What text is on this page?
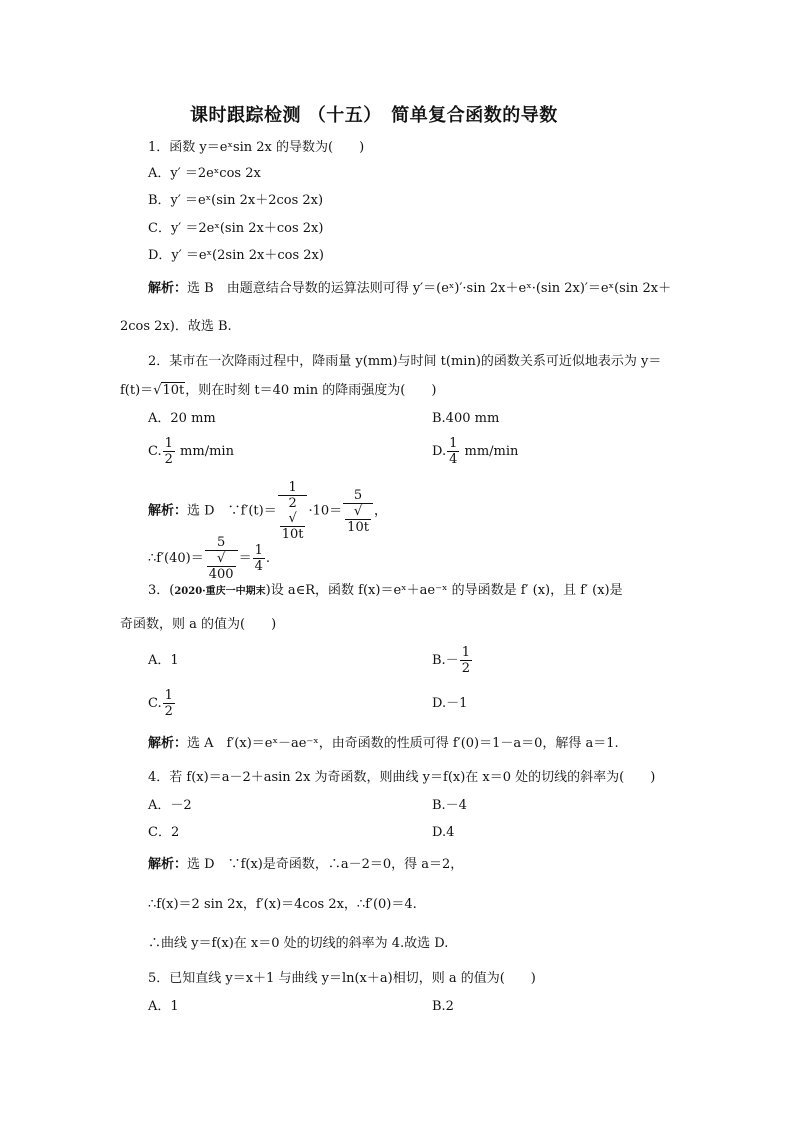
课时跟踪检测 （十五）　简单复合函数的导数
1．函数 y＝eˣsin 2x 的导数为(　　)
A．y′ ＝2eˣcos 2x
B．y′ ＝eˣ(sin 2x＋2cos 2x)
C．y′ ＝2eˣ(sin 2x＋cos 2x)
D．y′ ＝eˣ(2sin 2x＋cos 2x)
解析：选 B　由题意结合导数的运算法则可得 y′＝(eˣ)′·sin 2x＋eˣ·(sin 2x)′＝eˣ(sin 2x＋
2cos 2x)．故选 B.
2．某市在一次降雨过程中，降雨量 y(mm)与时间 t(min)的函数关系可近似地表示为 y＝
f(t)＝√10t，则在时刻 t＝40 min 的降雨强度为(　　)
A．20 mm	B.400 mm
C. $\frac{1}{2} mm/\min$	D. $\frac{1}{4} mm/\min$
解析：选 D　∵f′(t)＝ 1
2
√
10t ·10＝ 5
√
10t ，
∴f′(40)＝ 5
√
$400 = \frac{1}{4}$ .
3．(2020·重庆一中期末)设 a∈R，函数 f(x)＝eˣ＋ae⁻ˣ 的导函数是 f′ (x)，且 f′ (x)是
奇函数，则 a 的值为(　　)
A．1	$B.- \frac{1}{2}$
C. $\frac{1}{2}$	D.－1
解析：选 A　f′(x)＝eˣ－ae⁻ˣ，由奇函数的性质可得 f′(0)＝1－a＝0，解得 a＝1.
4．若 f(x)＝a－2＋asin 2x 为奇函数，则曲线 y＝f(x)在 x＝0 处的切线的斜率为(　　)
A．－2	B.－4
C．2	D.4
解析：选 D　∵f(x)是奇函数，∴a－2＝0，得 a＝2，
∴f(x)＝2 sin 2x，f′(x)＝4cos 2x，∴f′(0)＝4.
∴曲线 y＝f(x)在 x＝0 处的切线的斜率为 4.故选 D.
5．已知直线 y＝x＋1 与曲线 y＝ln(x＋a)相切，则 a 的值为(　　)
A．1	B.2
